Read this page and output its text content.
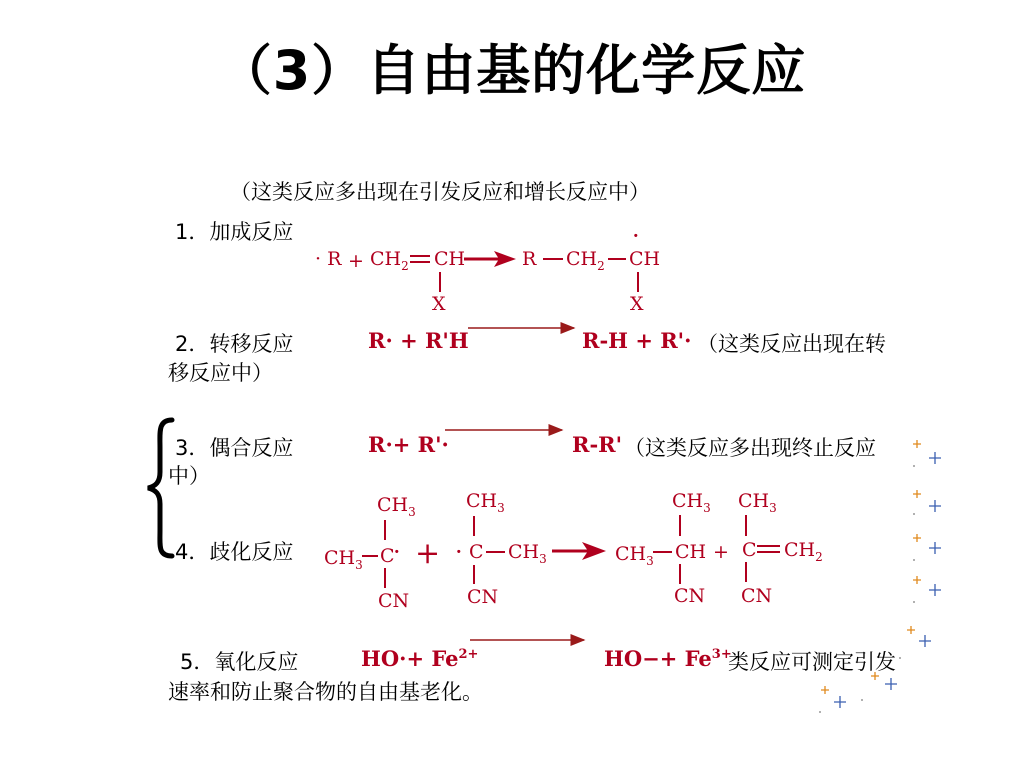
（3）自由基的化学反应
（这类反应多出现在引发反应和增长反应中）
1．加成反应
· $R + CH_2$ CH
X
R $CH_2$
·
CH
X
2．转移反应	R· + R'H	R-H + R'· （这类反应出现在转
移反应中）
3．偶合反应	R·+ R'·	R-R' （这类反应多出现终止反应
中）
4．歧化反应
$CH_3$
$CH_3$ C
·
CN
+
$CH_3$
· C $CH_3$
CN
$CH_3$
$CH_3$
CH
CN
+
$CH_3$
C $CH_2$
CN
5．氧化反应	$HO\cdot+ Fe^{2+}$	$HO-+ Fe^{3+}$
类反应可测定引发
速率和防止聚合物的自由基老化。
